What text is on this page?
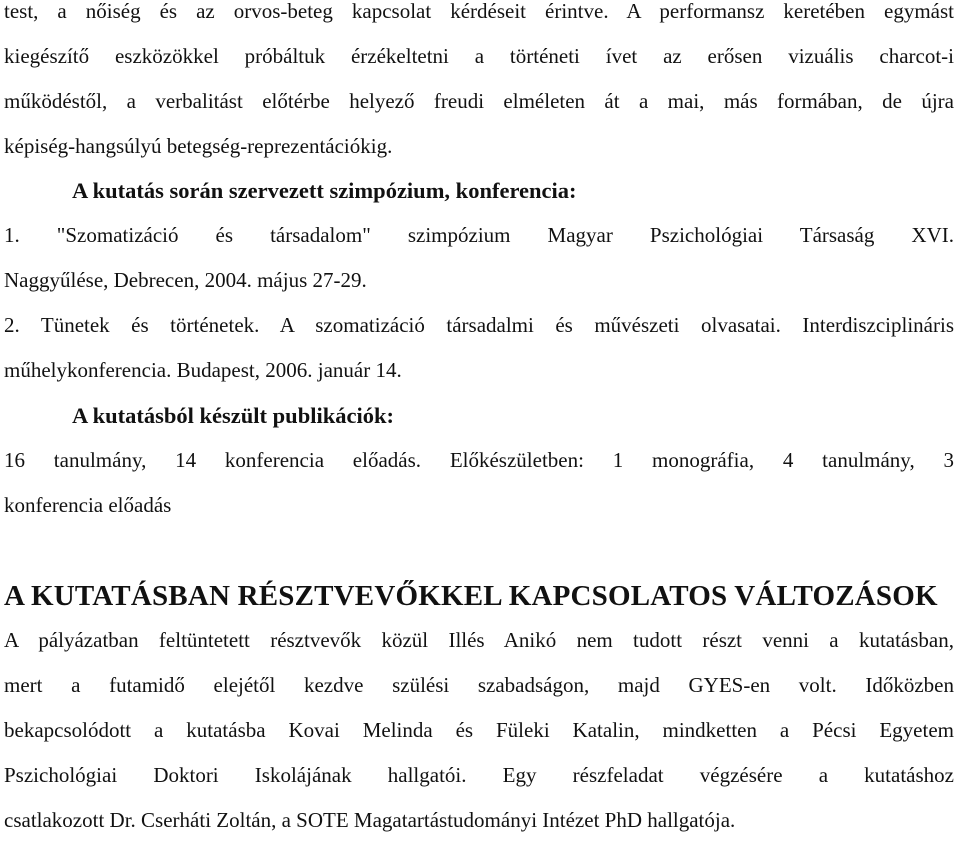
test, a nőiség és az orvos-beteg kapcsolat kérdéseit érintve. A performansz keretében egymást
kiegészítő eszközökkel próbáltuk érzékeltetni a történeti ívet az erősen vizuális charcot-i
működéstől, a verbalitást előtérbe helyező freudi elméleten át a mai, más formában, de újra
képiség-hangsúlyú betegség-reprezentációkig.

A kutatás során szervezett szimpózium, konferencia:

1. "Szomatizáció és társadalom" szimpózium Magyar Pszichológiai Társaság XVI.
Naggyűlése, Debrecen, 2004. május 27-29.

2. Tünetek és történetek. A szomatizáció társadalmi és művészeti olvasatai. Interdiszciplináris
műhelykonferencia. Budapest, 2006. január 14.

A kutatásból készült publikációk:

16 tanulmány, 14 konferencia előadás. Előkészületben: 1 monográfia, 4 tanulmány, 3
konferencia előadás

A KUTATÁSBAN RÉSZTVEVŐKKEL KAPCSOLATOS VÁLTOZÁSOK

A pályázatban feltüntetett résztvevők közül Illés Anikó nem tudott részt venni a kutatásban,
mert a futamidő elejétől kezdve szülési szabadságon, majd GYES-en volt. Időközben
bekapcsolódott a kutatásba Kovai Melinda és Füleki Katalin, mindketten a Pécsi Egyetem
Pszichológiai Doktori Iskolájának hallgatói. Egy részfeladat végzésére a kutatáshoz
csatlakozott Dr. Cserháti Zoltán, a SOTE Magatartástudományi Intézet PhD hallgatója.
